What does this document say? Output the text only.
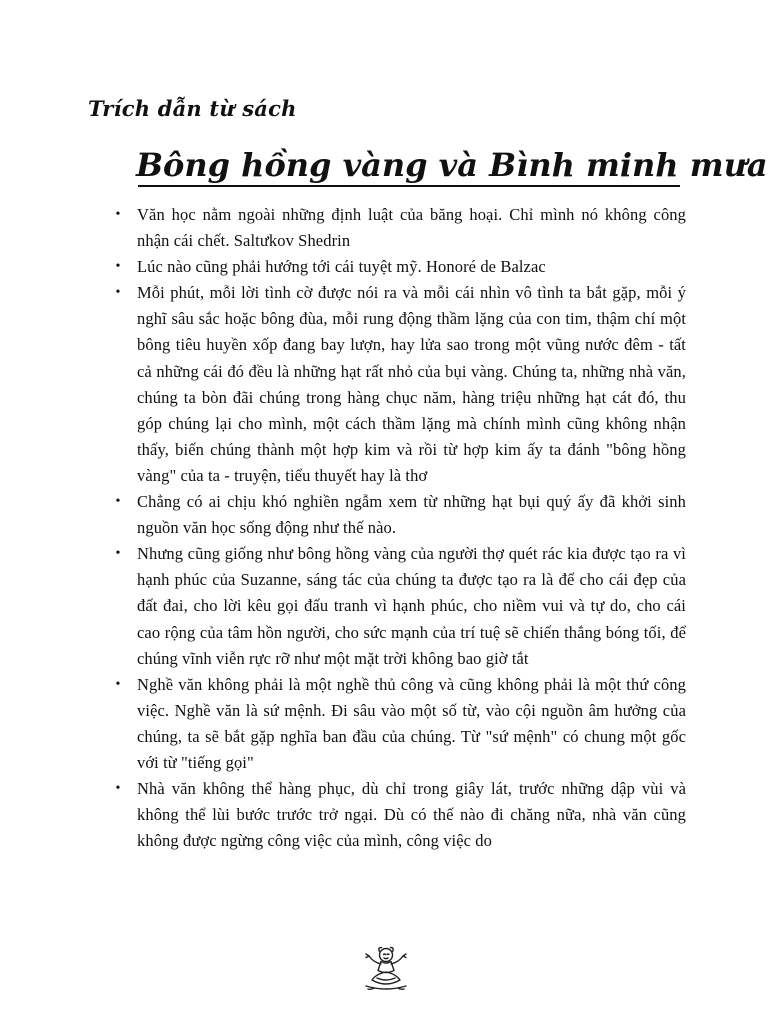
Trích dẫn từ sách
Bông hồng vàng và Bình minh mưa
• Văn học nằm ngoài những định luật của băng hoại. Chỉ mình nó không công nhận cái chết. Saltưkov Shedrin
• Lúc nào cũng phải hướng tới cái tuyệt mỹ. Honoré de Balzac
• Mỗi phút, mỗi lời tình cờ được nói ra và mỗi cái nhìn vô tình ta bắt gặp, mỗi ý nghĩ sâu sắc hoặc bông đùa, mỗi rung động thầm lặng của con tim, thậm chí một bông tiêu huyền xốp đang bay lượn, hay lửa sao trong một vũng nước đêm - tất cả những cái đó đều là những hạt rất nhỏ của bụi vàng. Chúng ta, những nhà văn, chúng ta bòn đãi chúng trong hàng chục năm, hàng triệu những hạt cát đó, thu góp chúng lại cho mình, một cách thầm lặng mà chính mình cũng không nhận thấy, biến chúng thành một hợp kim và rồi từ hợp kim ấy ta đánh "bông hồng vàng" của ta - truyện, tiểu thuyết hay là thơ
• Chẳng có ai chịu khó nghiền ngẫm xem từ những hạt bụi quý ấy đã khởi sinh nguồn văn học sống động như thế nào.
• Nhưng cũng giống như bông hồng vàng của người thợ quét rác kia được tạo ra vì hạnh phúc của Suzanne, sáng tác của chúng ta được tạo ra là để cho cái đẹp của đất đai, cho lời kêu gọi đấu tranh vì hạnh phúc, cho niềm vui và tự do, cho cái cao rộng của tâm hồn người, cho sức mạnh của trí tuệ sẽ chiến thắng bóng tối, để chúng vĩnh viễn rực rỡ như một mặt trời không bao giờ tắt
• Nghề văn không phải là một nghề thủ công và cũng không phải là một thứ công việc. Nghề văn là sứ mệnh. Đi sâu vào một số từ, vào cội nguồn âm hưởng của chúng, ta sẽ bắt gặp nghĩa ban đầu của chúng. Từ "sứ mệnh" có chung một gốc với từ "tiếng gọi"
• Nhà văn không thể hàng phục, dù chỉ trong giây lát, trước những dập vùi và không thể lùi bước trước trở ngại. Dù có thế nào đi chăng nữa, nhà văn cũng không được ngừng công việc của mình, công việc do
